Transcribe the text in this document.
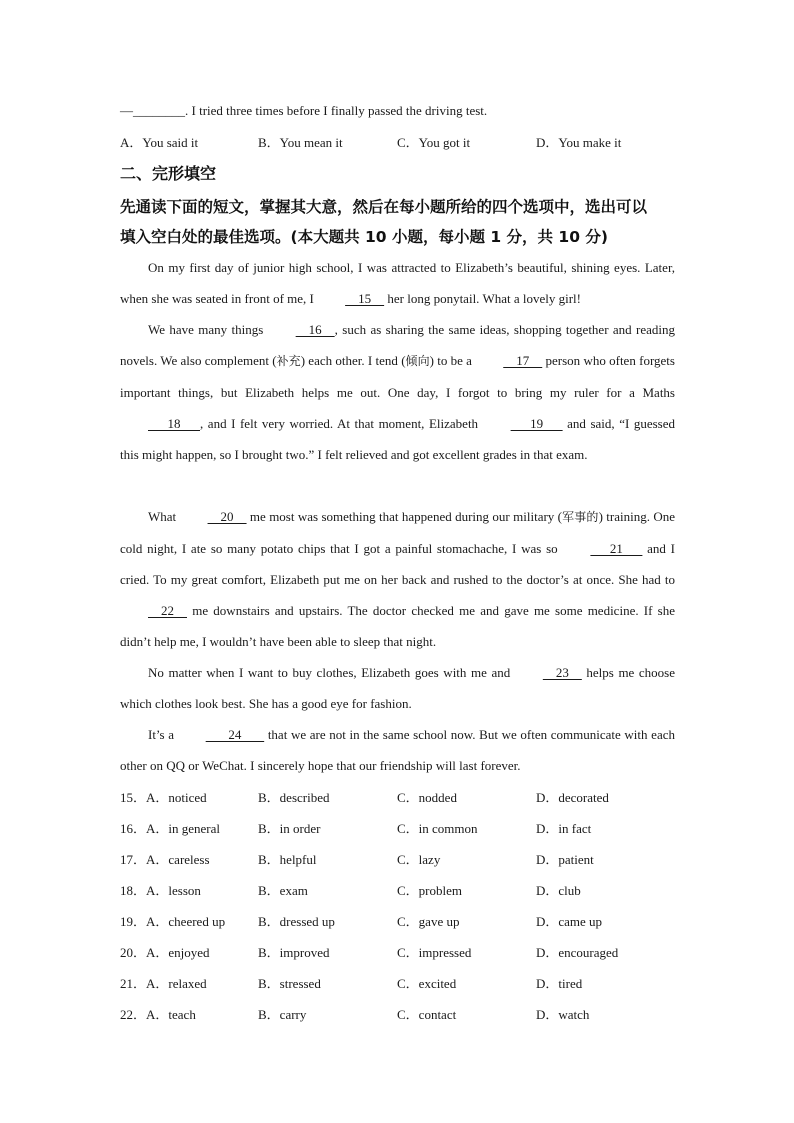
—________. I tried three times before I finally passed the driving test.
A．You said it	B．You mean it	C．You got it	D．You make it
二、完形填空
先通读下面的短文，掌握其大意，然后在每小题所给的四个选项中，选出可以
填入空白处的最佳选项。(本大题共 10 小题，每小题 1 分，共 10 分)
On my first day of junior high school, I was attracted to Elizabeth’s beautiful, shining eyes. Later, when she was seated in front of me, I     15     her long ponytail. What a lovely girl!
We have many things     16    , such as sharing the same ideas, shopping together and reading novels. We also complement (补充) each other. I tend (倾向) to be a     17     person who often forgets important things, but Elizabeth helps me out. One day, I forgot to bring my ruler for a Maths       18      , and I felt very worried. At that moment, Elizabeth       19       and said, “I guessed this might happen, so I brought two.” I felt relieved and got excellent grades in that exam.
What     20     me most was something that happened during our military (军事的) training. One cold night, I ate so many potato chips that I got a painful stomachache, I was so       21       and I cried. To my great comfort, Elizabeth put me on her back and rushed to the doctor’s at once. She had to     22     me downstairs and upstairs. The doctor checked me and gave me some medicine. If she didn’t help me, I wouldn’t have been able to sleep that night.
No matter when I want to buy clothes, Elizabeth goes with me and     23     helps me choose which clothes look best. She has a good eye for fashion.
It’s a        24        that we are not in the same school now. But we often communicate with each other on QQ or WeChat. I sincerely hope that our friendship will last forever.
15．A．noticed	B．described	C．nodded	D．decorated
16．A．in general	B．in order	C．in common	D．in fact
17．A．careless	B．helpful	C．lazy	D．patient
18．A．lesson	B．exam	C．problem	D．club
19．A．cheered up	B．dressed up	C．gave up	D．came up
20．A．enjoyed	B．improved	C．impressed	D．encouraged
21．A．relaxed	B．stressed	C．excited	D．tired
22．A．teach	B．carry	C．contact	D．watch
